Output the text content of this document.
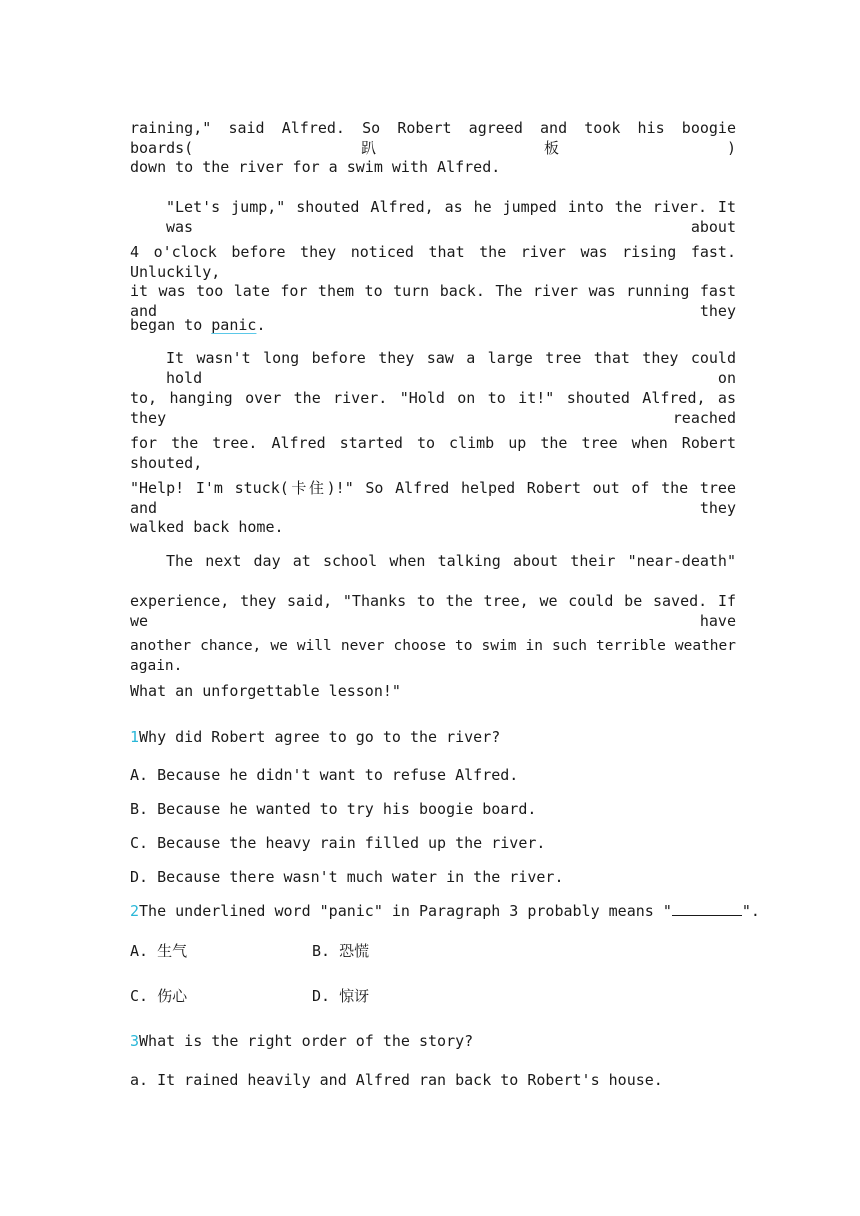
raining," said Alfred. So Robert agreed and took his boogie boards(趴板)
down to the river for a swim with Alfred.
"Let's jump," shouted Alfred, as he jumped into the river. It was about
4 o'clock before they noticed that the river was rising fast. Unluckily,
it was too late for them to turn back. The river was running fast and they
began to panic.
It wasn't long before they saw a large tree that they could hold on
to, hanging over the river. "Hold on to it!" shouted Alfred, as they reached
for the tree. Alfred started to climb up the tree when Robert shouted,
"Help! I'm stuck(卡住)!" So Alfred helped Robert out of the tree and they
walked back home.
The next day at school when talking about their "near-death"
experience, they said, "Thanks to the tree, we could be saved. If we have
another chance, we will never choose to swim in such terrible weather again.
What an unforgettable lesson!"
1Why did Robert agree to go to the river?
A. Because he didn't want to refuse Alfred.
B. Because he wanted to try his boogie board.
C. Because the heavy rain filled up the river.
D. Because there wasn't much water in the river.
2The underlined word "panic" in Paragraph 3 probably means "	".
A. 生气	B. 恐慌
C. 伤心	D. 惊讶
3What is the right order of the story?
a. It rained heavily and Alfred ran back to Robert's house.
